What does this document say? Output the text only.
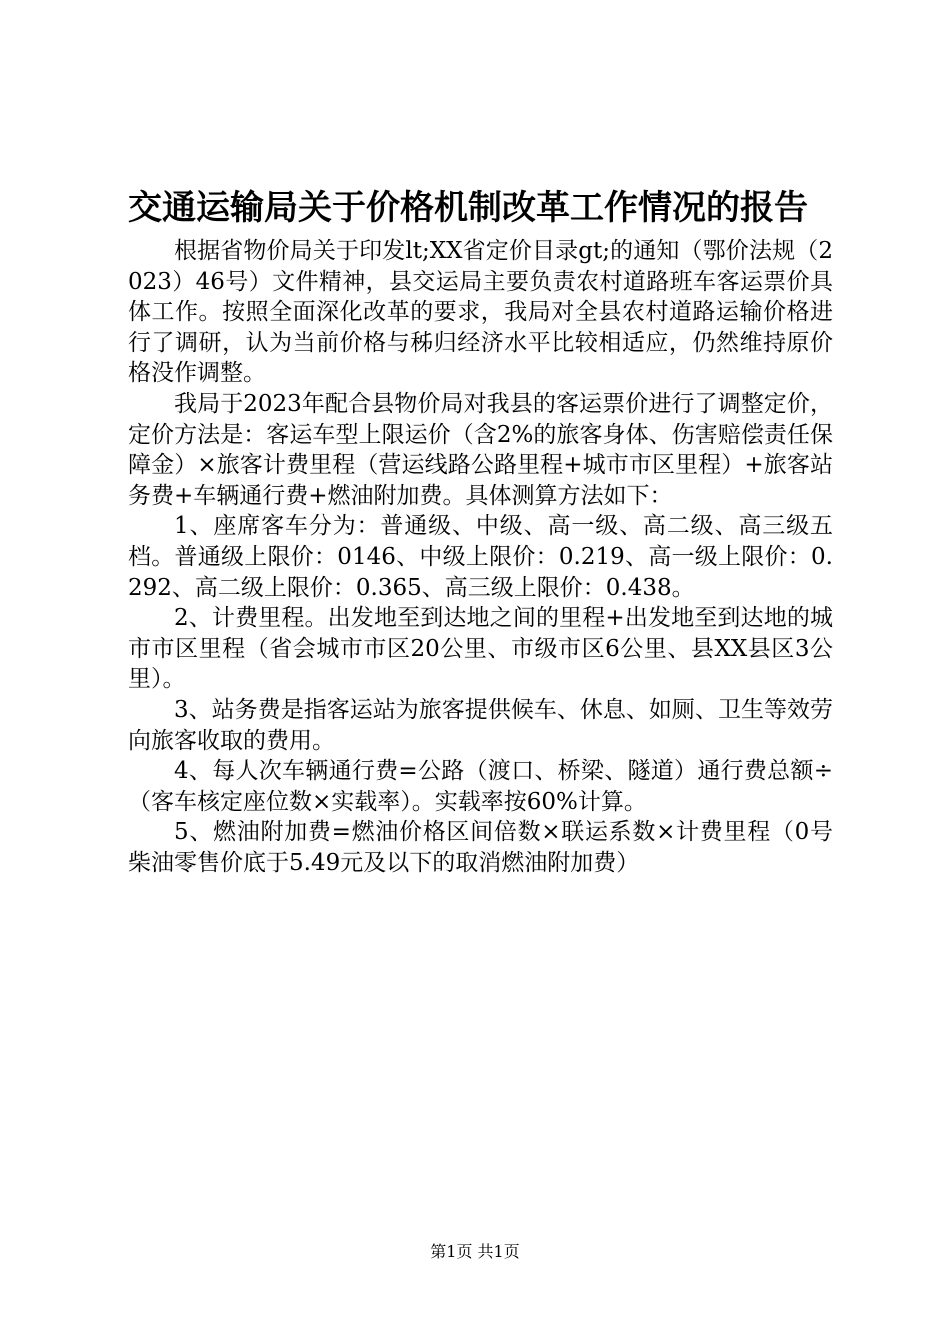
交通运输局关于价格机制改革工作情况的报告

根据省物价局关于印发lt;XX省定价目录gt;的通知（鄂价法规（2023）46号）文件精神，县交运局主要负责农村道路班车客运票价具体工作。按照全面深化改革的要求，我局对全县农村道路运输价格进行了调研，认为当前价格与秭归经济水平比较相适应，仍然维持原价格没作调整。

我局于2023年配合县物价局对我县的客运票价进行了调整定价，定价方法是：客运车型上限运价（含2%的旅客身体、伤害赔偿责任保障金）×旅客计费里程（营运线路公路里程+城市市区里程）+旅客站务费+车辆通行费+燃油附加费。具体测算方法如下：

1、座席客车分为：普通级、中级、高一级、高二级、高三级五档。普通级上限价：0146、中级上限价：0.219、高一级上限价：0.292、高二级上限价：0.365、高三级上限价：0.438。

2、计费里程。出发地至到达地之间的里程+出发地至到达地的城市市区里程（省会城市市区20公里、市级市区6公里、县XX县区3公里）。

3、站务费是指客运站为旅客提供候车、休息、如厕、卫生等效劳向旅客收取的费用。

4、每人次车辆通行费=公路（渡口、桥梁、隧道）通行费总额÷（客车核定座位数×实载率）。实载率按60%计算。

5、燃油附加费=燃油价格区间倍数×联运系数×计费里程（0号柴油零售价底于5.49元及以下的取消燃油附加费）

第1页 共1页
